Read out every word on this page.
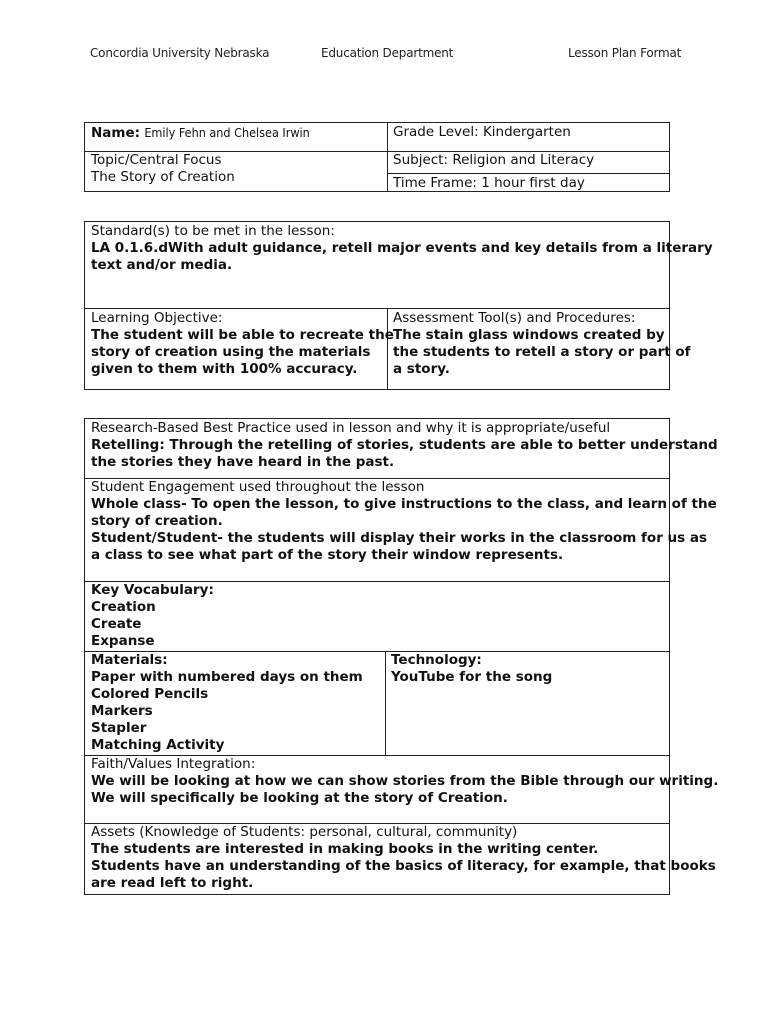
Concordia University Nebraska	Education Department	Lesson Plan Format
Name: Emily Fehn and Chelsea Irwin	Grade Level: Kindergarten
Topic/Central Focus
The Story of Creation
Subject: Religion and Literacy
Time Frame: 1 hour first day
Standard(s) to be met in the lesson:
LA 0.1.6.dWith adult guidance, retell major events and key details from a literary
text and/or media.
Learning Objective:
The student will be able to recreate the
story of creation using the materials
given to them with 100% accuracy.
Assessment Tool(s) and Procedures:
The stain glass windows created by
the students to retell a story or part of
a story.
Research-Based Best Practice used in lesson and why it is appropriate/useful
Retelling: Through the retelling of stories, students are able to better understand
the stories they have heard in the past.
Student Engagement used throughout the lesson
Whole class- To open the lesson, to give instructions to the class, and learn of the
story of creation.
Student/Student- the students will display their works in the classroom for us as
a class to see what part of the story their window represents.
Key Vocabulary:
Creation
Create
Expanse
Materials:
Paper with numbered days on them
Colored Pencils
Markers
Stapler
Matching Activity
Technology:
YouTube for the song
Faith/Values Integration:
We will be looking at how we can show stories from the Bible through our writing.
We will specifically be looking at the story of Creation.
Assets (Knowledge of Students: personal, cultural, community)
The students are interested in making books in the writing center.
Students have an understanding of the basics of literacy, for example, that books
are read left to right.
